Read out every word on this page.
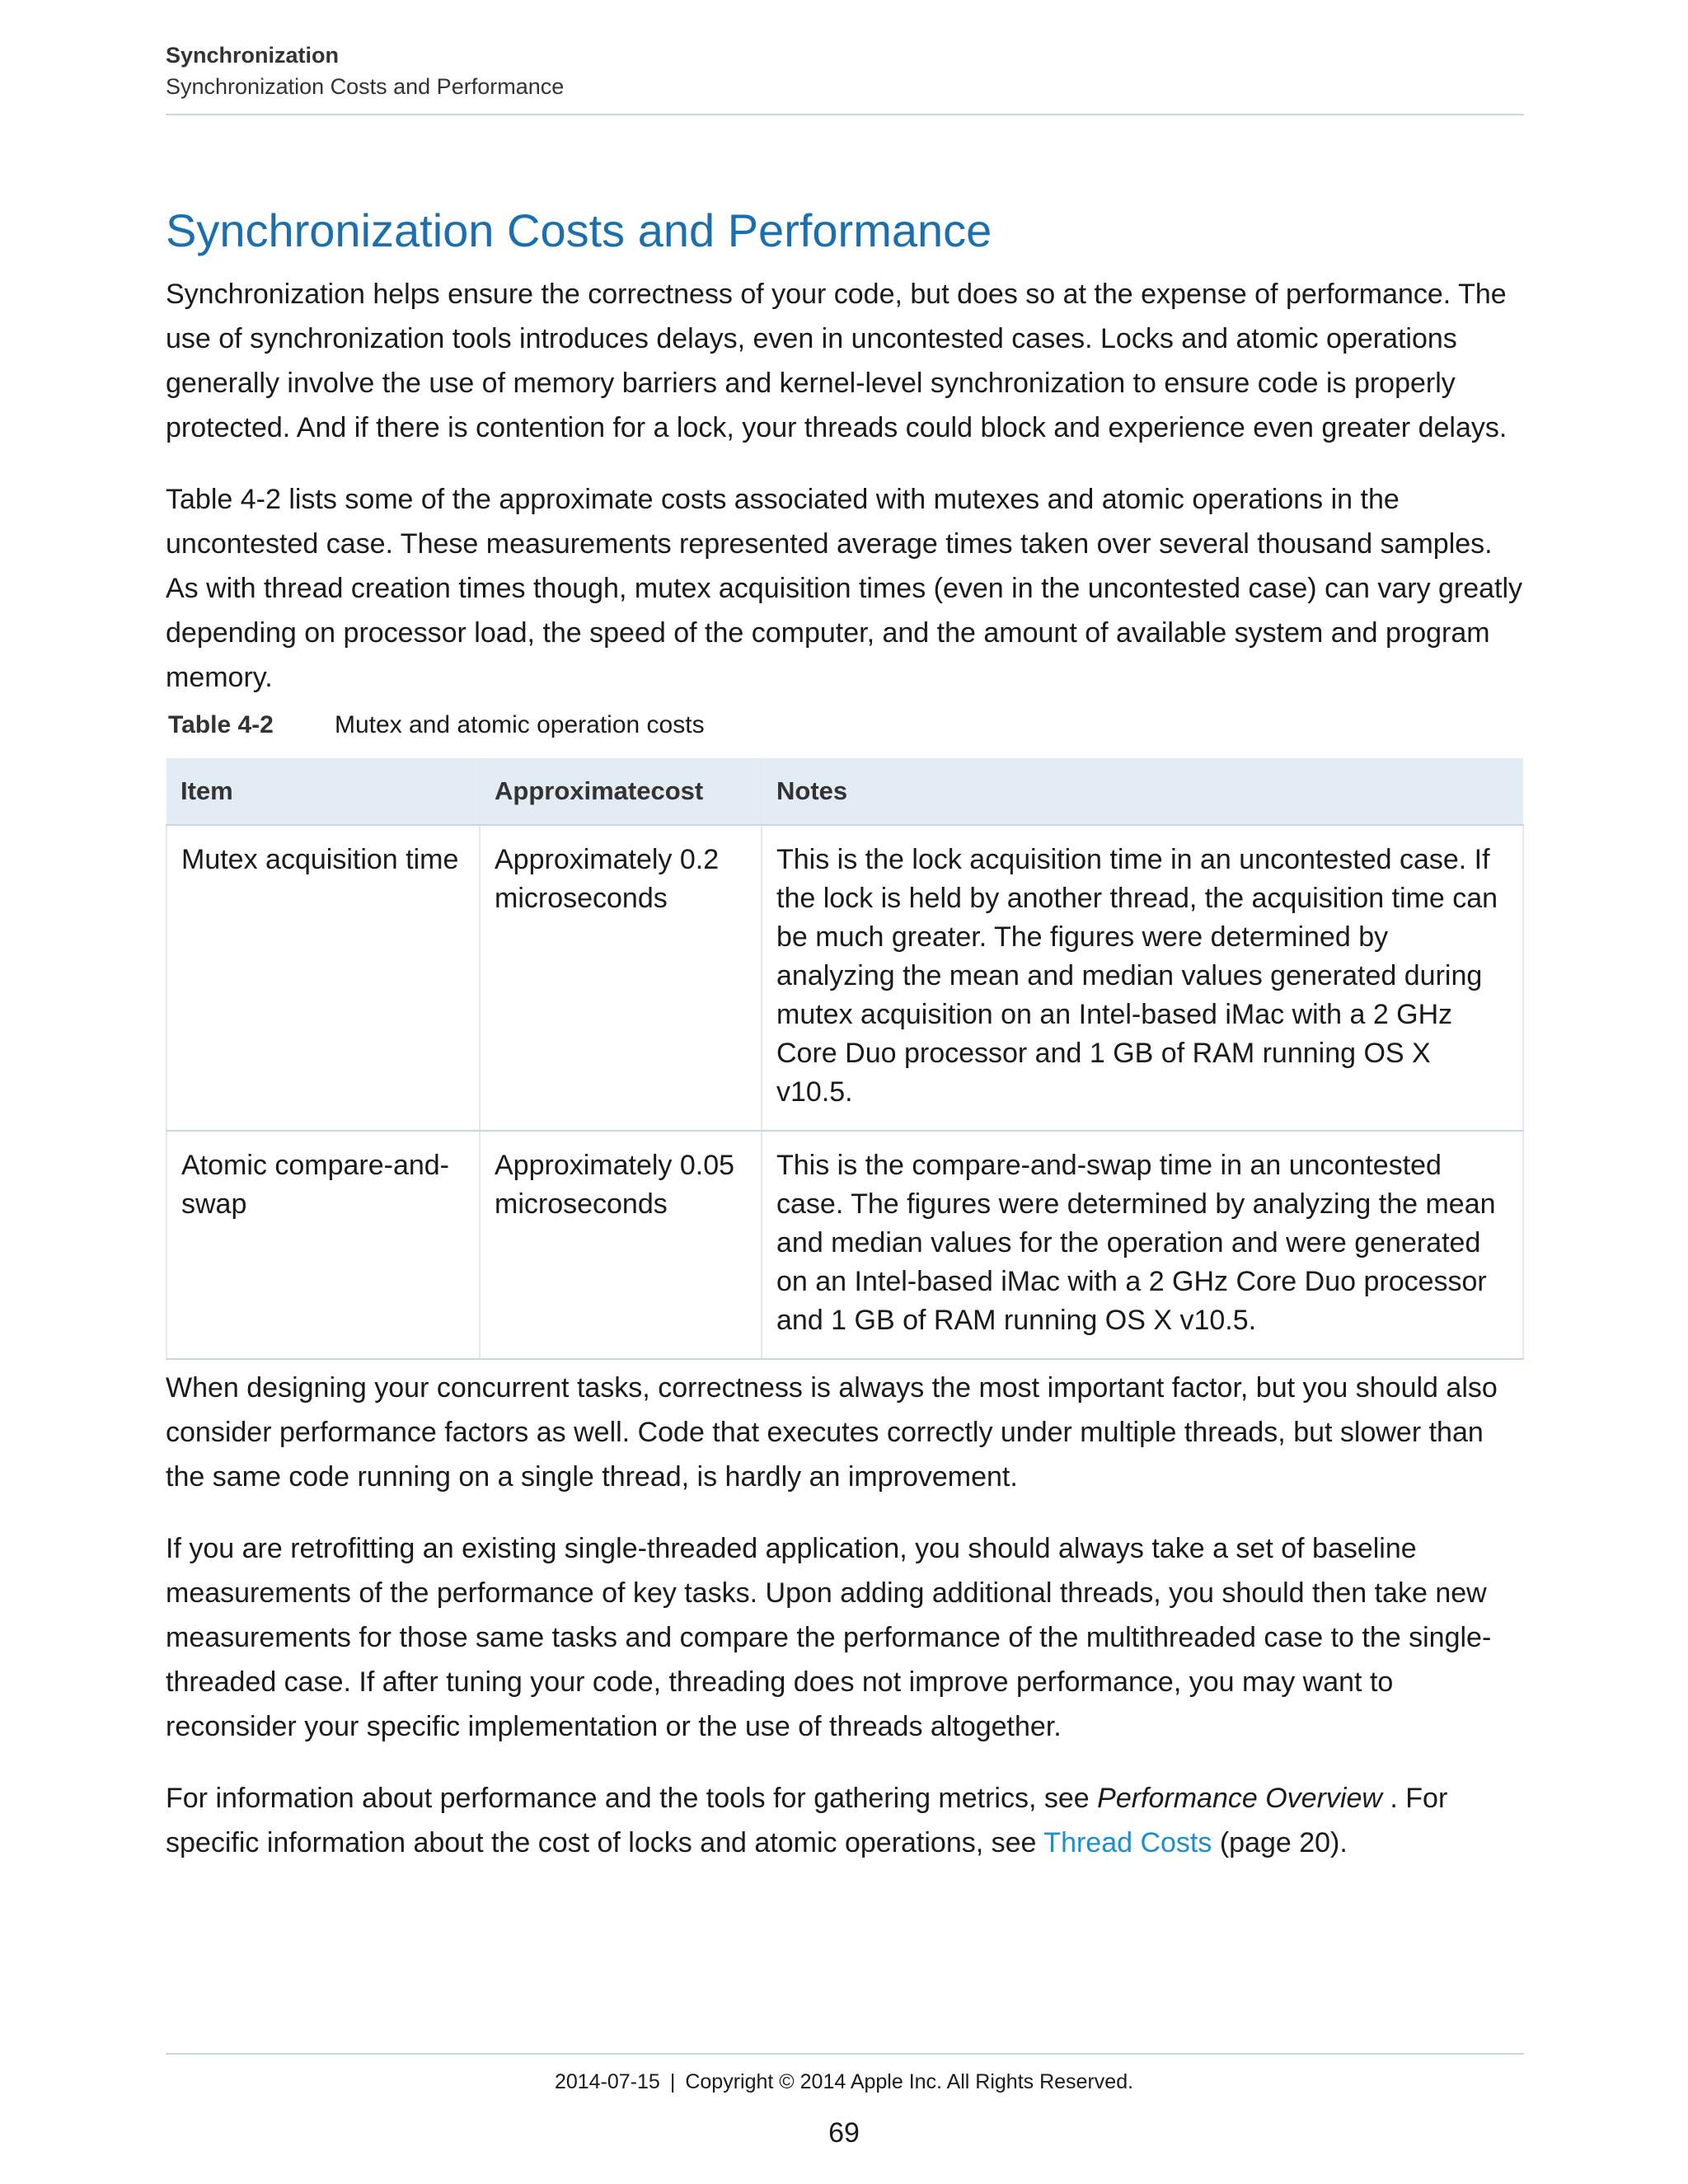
Synchronization
Synchronization Costs and Performance
Synchronization Costs and Performance

Synchronization helps ensure the correctness of your code, but does so at the expense of performance. The use of synchronization tools introduces delays, even in uncontested cases. Locks and atomic operations generally involve the use of memory barriers and kernel-level synchronization to ensure code is properly protected. And if there is contention for a lock, your threads could block and experience even greater delays.

Table 4-2 lists some of the approximate costs associated with mutexes and atomic operations in the uncontested case. These measurements represented average times taken over several thousand samples. As with thread creation times though, mutex acquisition times (even in the uncontested case) can vary greatly depending on processor load, the speed of the computer, and the amount of available system and program memory.

Table 4-2 Mutex and atomic operation costs
Item	Approximatecost	Notes
Mutex acquisition time	Approximately 0.2 microseconds	This is the lock acquisition time in an uncontested case. If the lock is held by another thread, the acquisition time can be much greater. The figures were determined by analyzing the mean and median values generated during mutex acquisition on an Intel-based iMac with a 2 GHz Core Duo processor and 1 GB of RAM running OS X v10.5.
Atomic compare-and-swap	Approximately 0.05 microseconds	This is the compare-and-swap time in an uncontested case. The figures were determined by analyzing the mean and median values for the operation and were generated on an Intel-based iMac with a 2 GHz Core Duo processor and 1 GB of RAM running OS X v10.5.

When designing your concurrent tasks, correctness is always the most important factor, but you should also consider performance factors as well. Code that executes correctly under multiple threads, but slower than the same code running on a single thread, is hardly an improvement.

If you are retrofitting an existing single-threaded application, you should always take a set of baseline measurements of the performance of key tasks. Upon adding additional threads, you should then take new measurements for those same tasks and compare the performance of the multithreaded case to the single-threaded case. If after tuning your code, threading does not improve performance, you may want to reconsider your specific implementation or the use of threads altogether.

For information about performance and the tools for gathering metrics, see Performance Overview . For specific information about the cost of locks and atomic operations, see Thread Costs (page 20).

2014-07-15 | Copyright © 2014 Apple Inc. All Rights Reserved.
69
